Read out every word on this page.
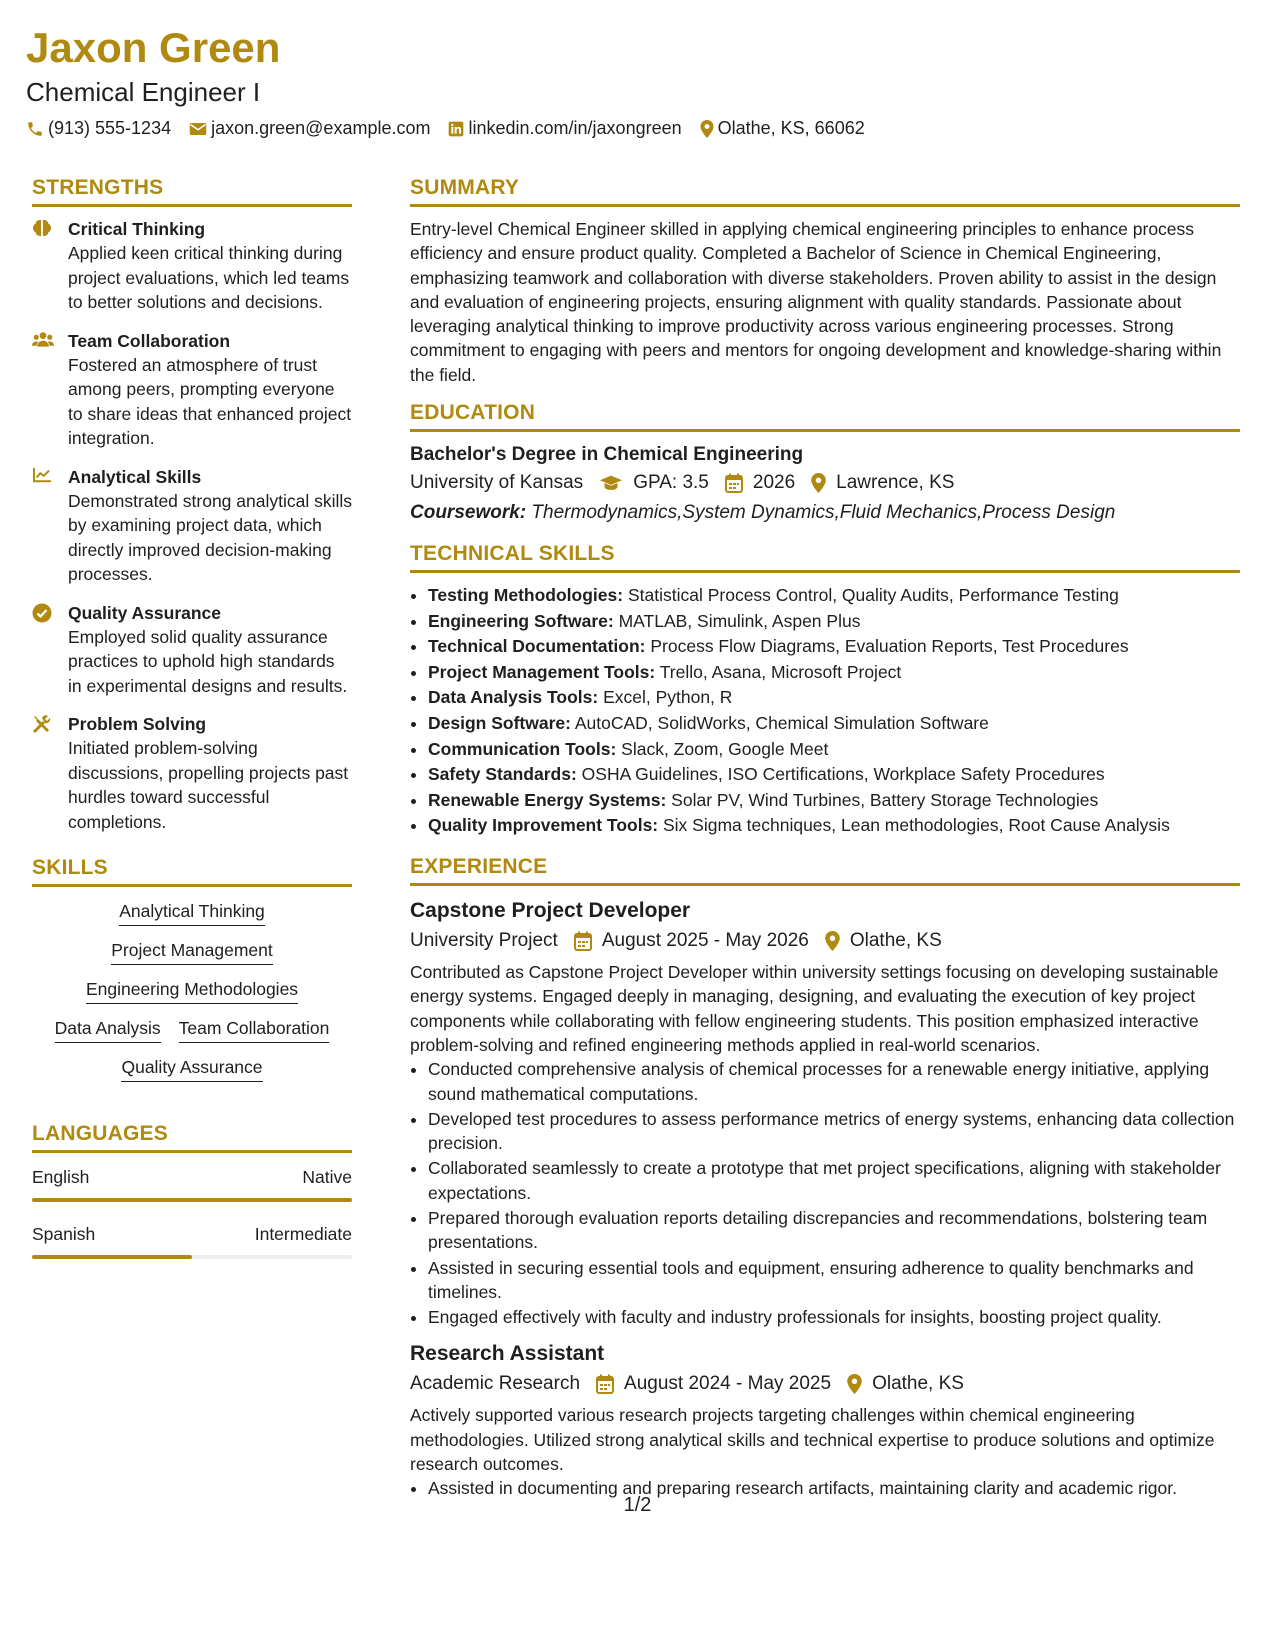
Jaxon Green
Chemical Engineer I
(913) 555-1234 jaxon.green@example.com linkedin.com/in/jaxongreen Olathe, KS, 66062
STRENGTHS
Critical Thinking
Applied keen critical thinking during project evaluations, which led teams to better solutions and decisions.
Team Collaboration
Fostered an atmosphere of trust among peers, prompting everyone to share ideas that enhanced project integration.
Analytical Skills
Demonstrated strong analytical skills by examining project data, which directly improved decision-making processes.
Quality Assurance
Employed solid quality assurance practices to uphold high standards in experimental designs and results.
Problem Solving
Initiated problem-solving discussions, propelling projects past hurdles toward successful completions.
SKILLS
Analytical Thinking
Project Management
Engineering Methodologies
Data Analysis Team Collaboration
Quality Assurance
LANGUAGES
English	Native
Spanish	Intermediate
SUMMARY
Entry-level Chemical Engineer skilled in applying chemical engineering principles to enhance process efficiency and ensure product quality. Completed a Bachelor of Science in Chemical Engineering, emphasizing teamwork and collaboration with diverse stakeholders. Proven ability to assist in the design and evaluation of engineering projects, ensuring alignment with quality standards. Passionate about leveraging analytical thinking to improve productivity across various engineering processes. Strong commitment to engaging with peers and mentors for ongoing development and knowledge-sharing within the field.
EDUCATION
Bachelor's Degree in Chemical Engineering
University of Kansas	GPA: 3.5 2026 Lawrence, KS
Coursework: Thermodynamics,System Dynamics,Fluid Mechanics,Process Design
TECHNICAL SKILLS
• Testing Methodologies: Statistical Process Control, Quality Audits, Performance Testing
• Engineering Software: MATLAB, Simulink, Aspen Plus
• Technical Documentation: Process Flow Diagrams, Evaluation Reports, Test Procedures
• Project Management Tools: Trello, Asana, Microsoft Project
• Data Analysis Tools: Excel, Python, R
• Design Software: AutoCAD, SolidWorks, Chemical Simulation Software
• Communication Tools: Slack, Zoom, Google Meet
• Safety Standards: OSHA Guidelines, ISO Certifications, Workplace Safety Procedures
• Renewable Energy Systems: Solar PV, Wind Turbines, Battery Storage Technologies
• Quality Improvement Tools: Six Sigma techniques, Lean methodologies, Root Cause Analysis
EXPERIENCE
Capstone Project Developer
University Project August 2025 - May 2026 Olathe, KS
Contributed as Capstone Project Developer within university settings focusing on developing sustainable energy systems. Engaged deeply in managing, designing, and evaluating the execution of key project components while collaborating with fellow engineering students. This position emphasized interactive problem-solving and refined engineering methods applied in real-world scenarios.
• Conducted comprehensive analysis of chemical processes for a renewable energy initiative, applying sound mathematical computations.
• Developed test procedures to assess performance metrics of energy systems, enhancing data collection precision.
• Collaborated seamlessly to create a prototype that met project specifications, aligning with stakeholder expectations.
• Prepared thorough evaluation reports detailing discrepancies and recommendations, bolstering team presentations.
• Assisted in securing essential tools and equipment, ensuring adherence to quality benchmarks and timelines.
• Engaged effectively with faculty and industry professionals for insights, boosting project quality.
Research Assistant
Academic Research August 2024 - May 2025 Olathe, KS
Actively supported various research projects targeting challenges within chemical engineering methodologies. Utilized strong analytical skills and technical expertise to produce solutions and optimize research outcomes.
• Assisted in documenting and preparing research artifacts, maintaining clarity and academic rigor.
1/2
